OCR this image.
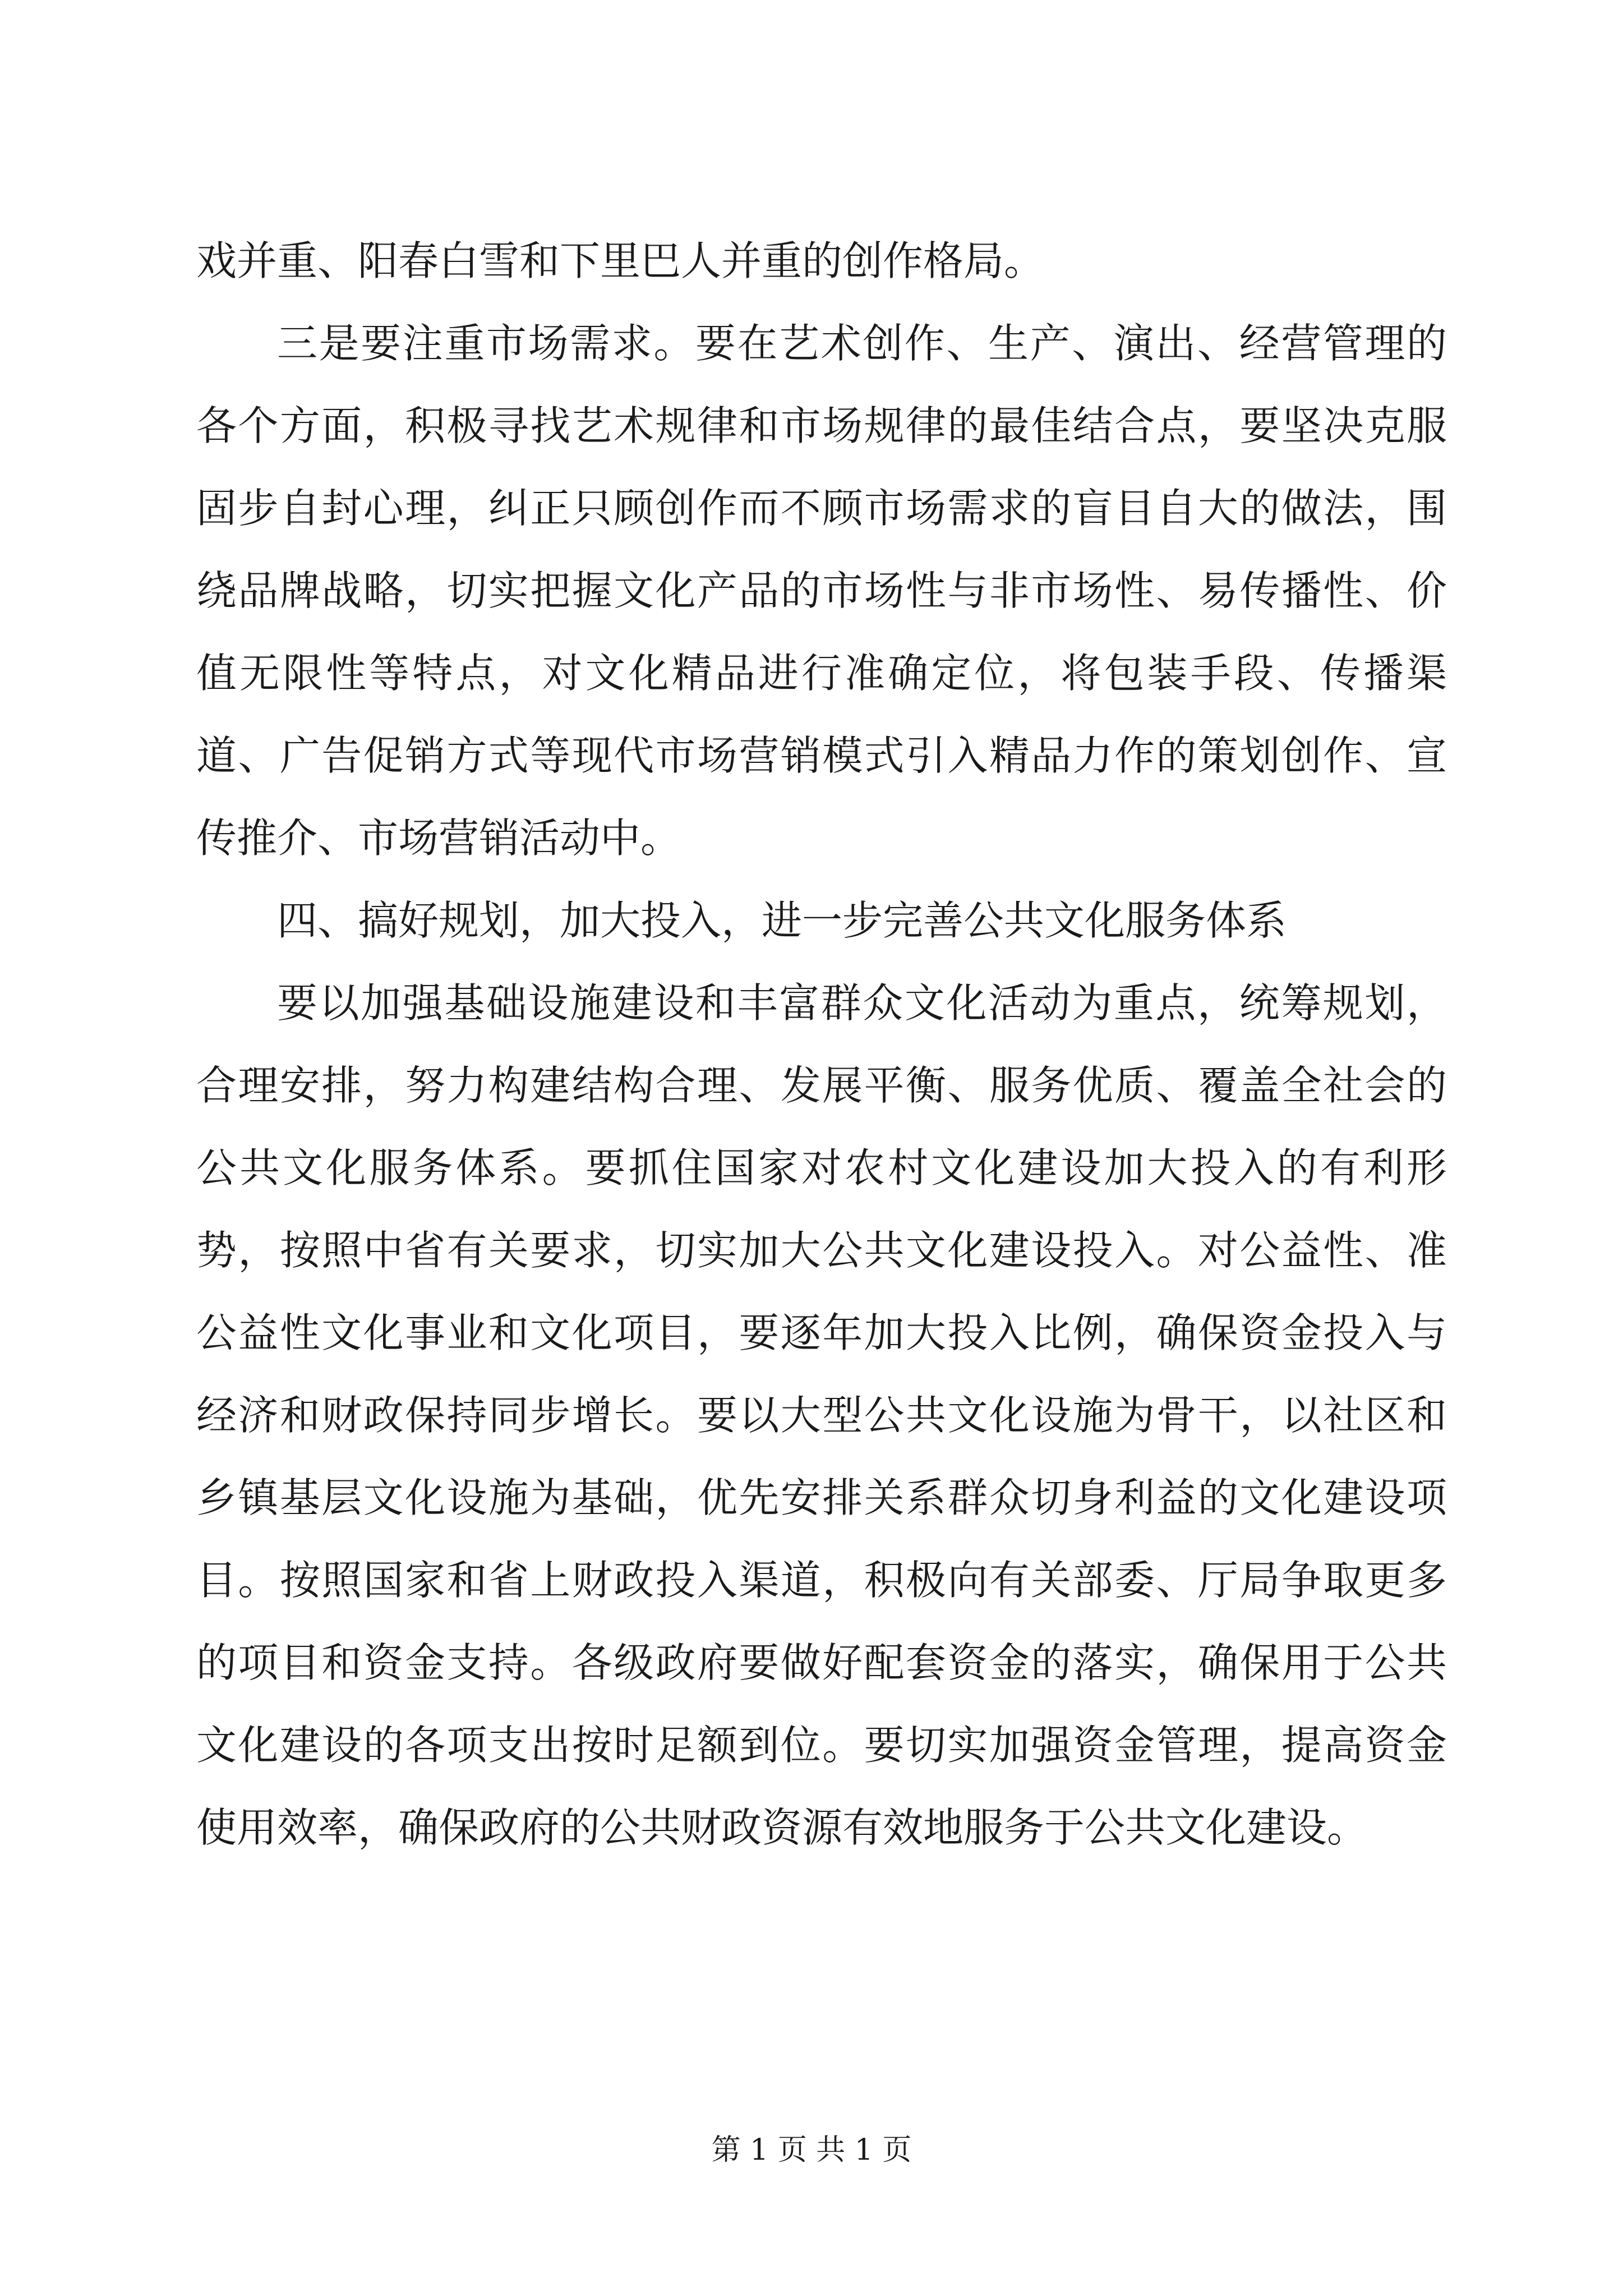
戏并重、阳春白雪和下里巴人并重的创作格局。

三是要注重市场需求。要在艺术创作、生产、演出、经营管理的各个方面，积极寻找艺术规律和市场规律的最佳结合点，要坚决克服固步自封心理，纠正只顾创作而不顾市场需求的盲目自大的做法，围绕品牌战略，切实把握文化产品的市场性与非市场性、易传播性、价值无限性等特点，对文化精品进行准确定位，将包装手段、传播渠道、广告促销方式等现代市场营销模式引入精品力作的策划创作、宣传推介、市场营销活动中。

四、搞好规划，加大投入，进一步完善公共文化服务体系

要以加强基础设施建设和丰富群众文化活动为重点，统筹规划，合理安排，努力构建结构合理、发展平衡、服务优质、覆盖全社会的公共文化服务体系。要抓住国家对农村文化建设加大投入的有利形势，按照中省有关要求，切实加大公共文化建设投入。对公益性、准公益性文化事业和文化项目，要逐年加大投入比例，确保资金投入与经济和财政保持同步增长。要以大型公共文化设施为骨干，以社区和乡镇基层文化设施为基础，优先安排关系群众切身利益的文化建设项目。按照国家和省上财政投入渠道，积极向有关部委、厅局争取更多的项目和资金支持。各级政府要做好配套资金的落实，确保用于公共文化建设的各项支出按时足额到位。要切实加强资金管理，提高资金使用效率，确保政府的公共财政资源有效地服务于公共文化建设。

第 1 页 共 1 页
